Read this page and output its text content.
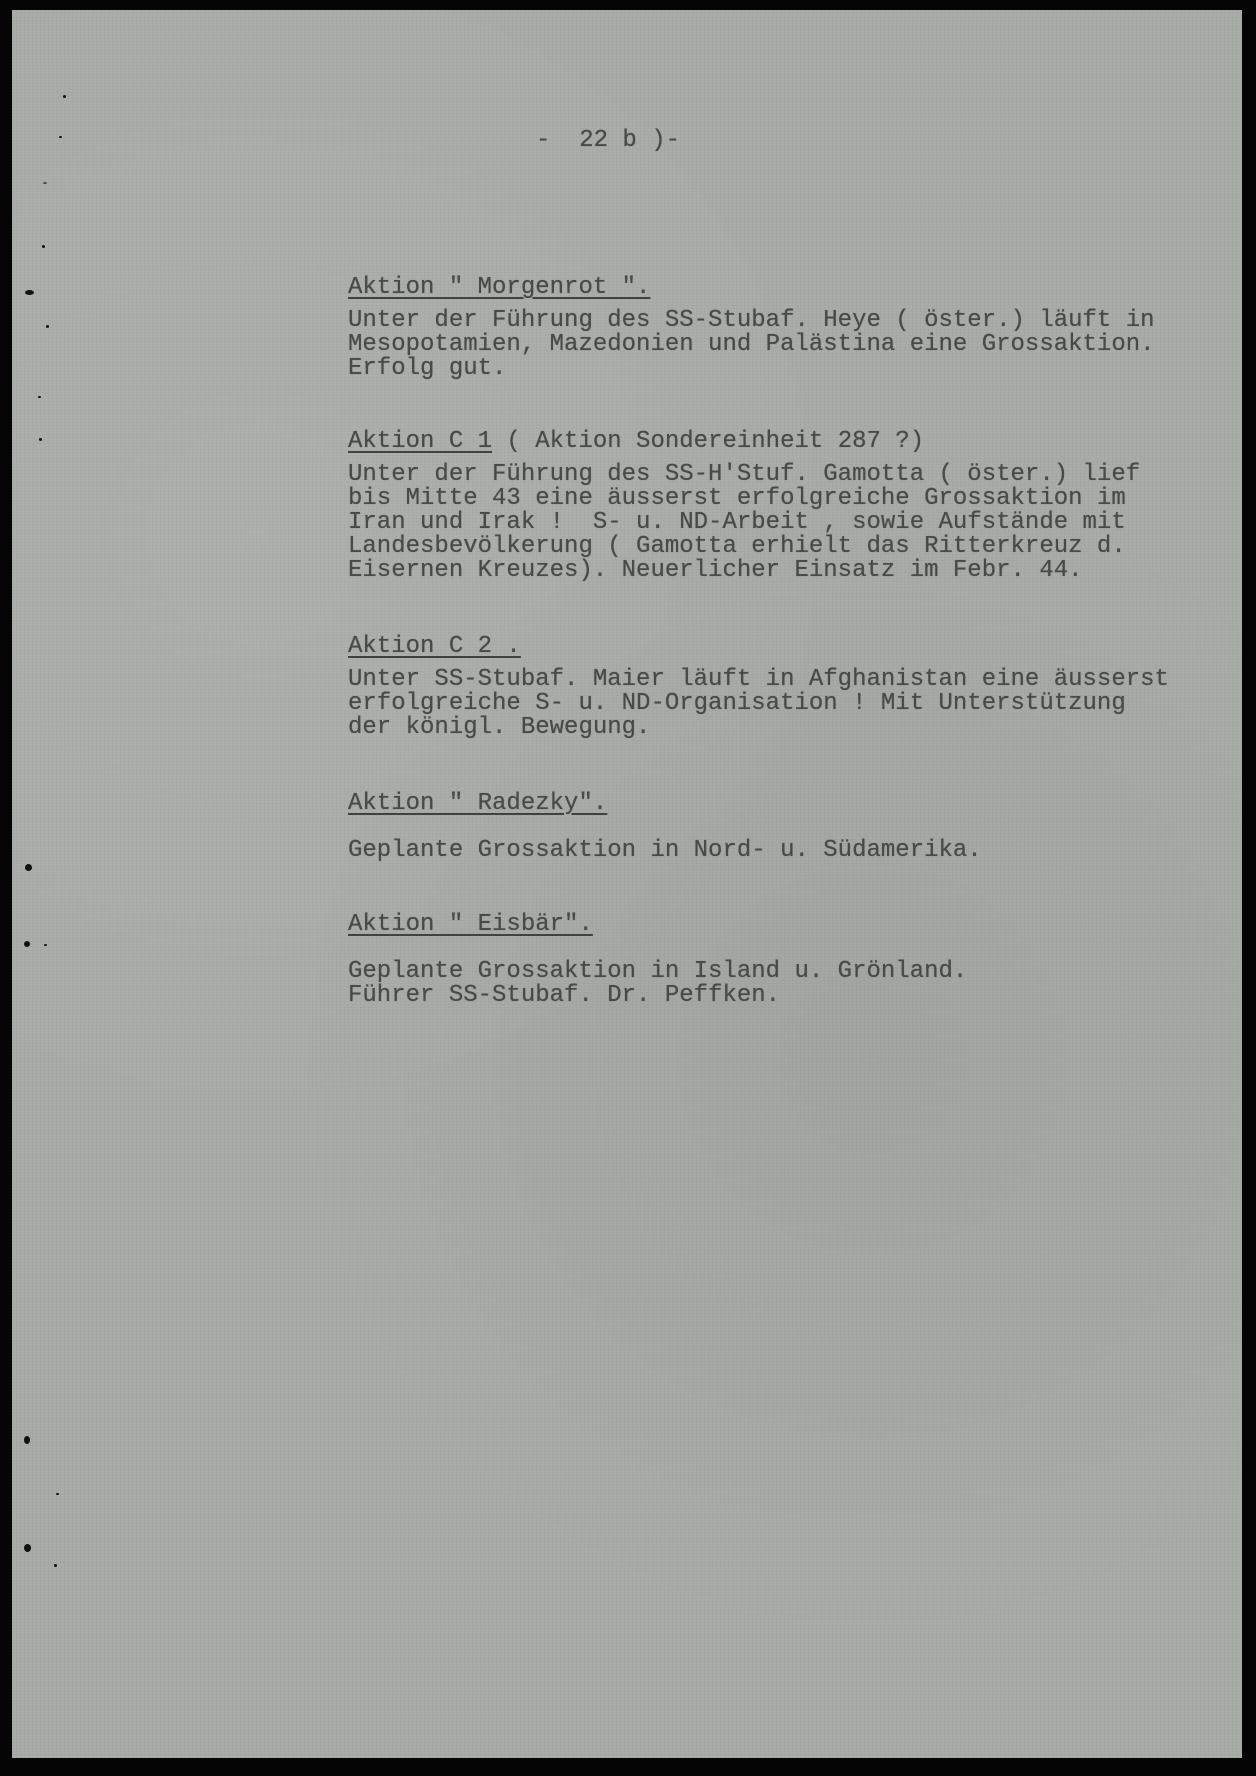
-  22 b )-
Aktion " Morgenrot ".
Unter der Führung des SS-Stubaf. Heye ( öster.) läuft in
Mesopotamien, Mazedonien und Palästina eine Grossaktion.
Erfolg gut.
Aktion C 1 ( Aktion Sondereinheit 287 ?)
Unter der Führung des SS-H'Stuf. Gamotta ( öster.) lief
bis Mitte 43 eine äusserst erfolgreiche Grossaktion im
Iran und Irak !  S- u. ND-Arbeit , sowie Aufstände mit
Landesbevölkerung ( Gamotta erhielt das Ritterkreuz d.
Eisernen Kreuzes). Neuerlicher Einsatz im Febr. 44.
Aktion C 2 .
Unter SS-Stubaf. Maier läuft in Afghanistan eine äusserst
erfolgreiche S- u. ND-Organisation ! Mit Unterstützung
der königl. Bewegung.
Aktion " Radezky".
Geplante Grossaktion in Nord- u. Südamerika.
Aktion " Eisbär".
Geplante Grossaktion in Island u. Grönland.
Führer SS-Stubaf. Dr. Peffken.
